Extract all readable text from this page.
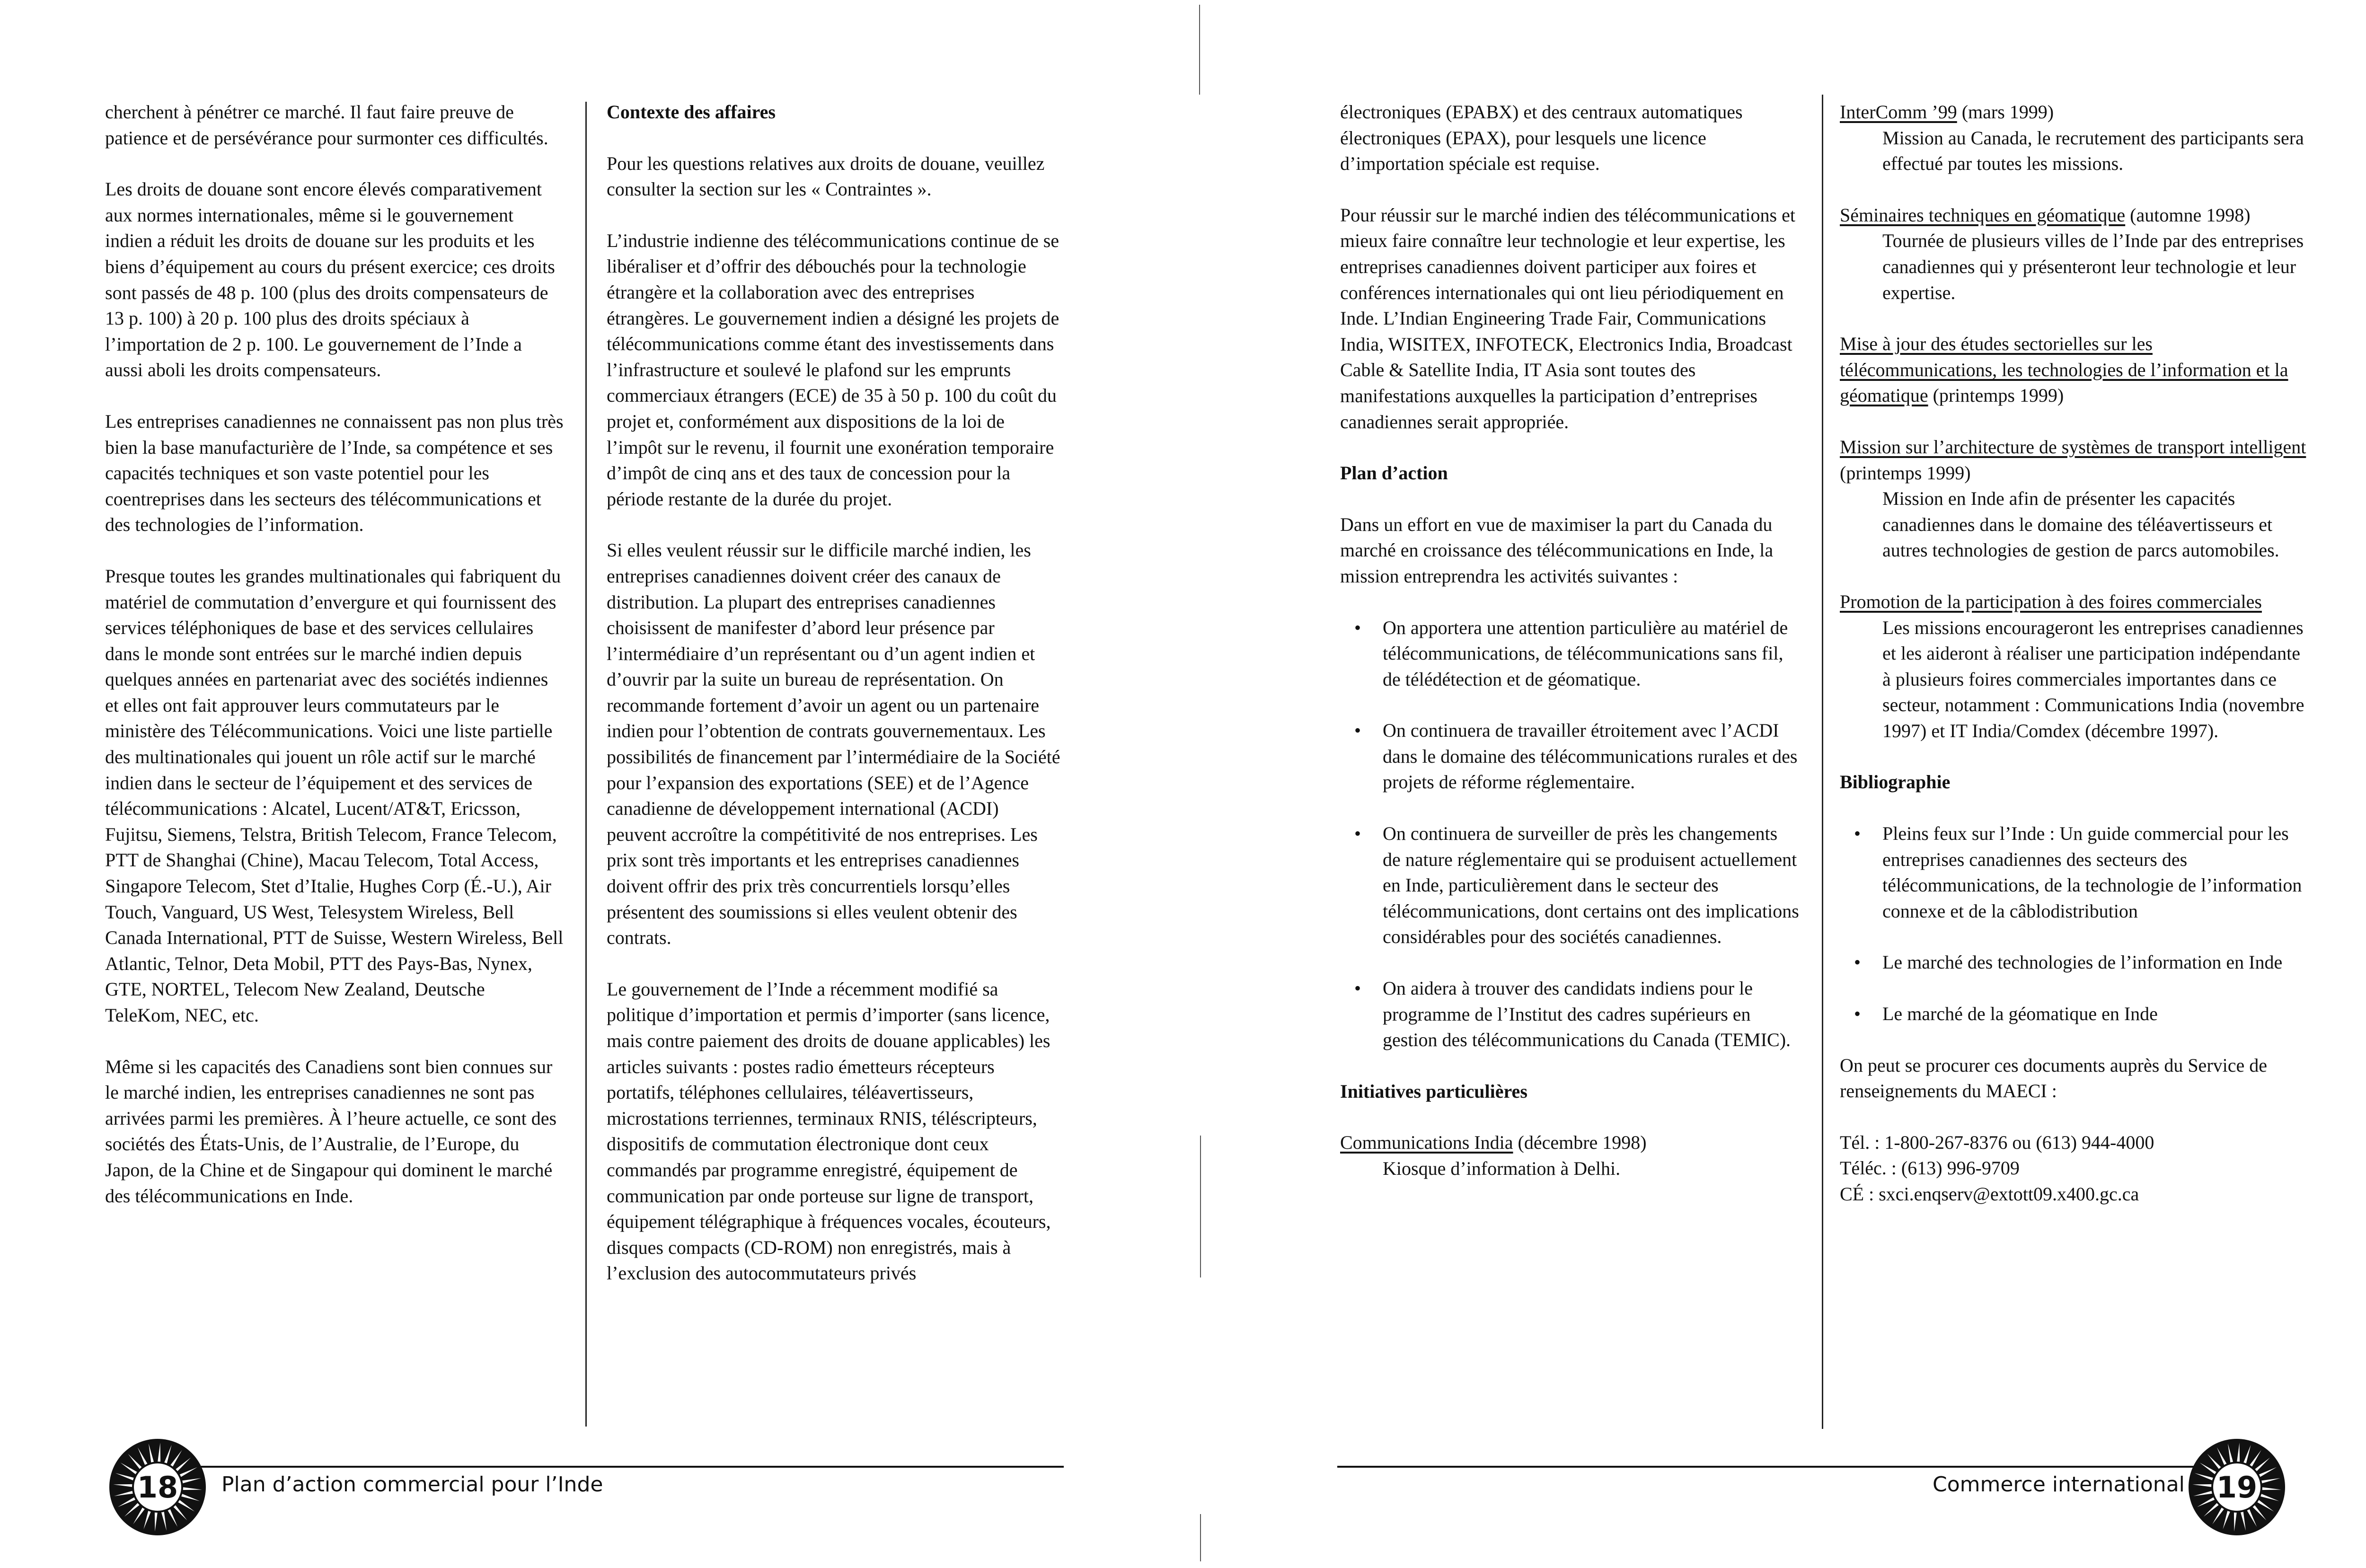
cherchent à pénétrer ce marché. Il faut faire preuve de patience et de persévérance pour surmonter ces difficultés.

Les droits de douane sont encore élevés comparativement aux normes internationales, même si le gouvernement indien a réduit les droits de douane sur les produits et les biens d’équipement au cours du présent exercice; ces droits sont passés de 48 p. 100 (plus des droits compensateurs de 13 p. 100) à 20 p. 100 plus des droits spéciaux à l’importation de 2 p. 100. Le gouvernement de l’Inde a aussi aboli les droits compensateurs.

Les entreprises canadiennes ne connaissent pas non plus très bien la base manufacturière de l’Inde, sa compétence et ses capacités techniques et son vaste potentiel pour les coentreprises dans les secteurs des télécommunications et des technologies de l’information.

Presque toutes les grandes multinationales qui fabriquent du matériel de commutation d’envergure et qui fournissent des services téléphoniques de base et des services cellulaires dans le monde sont entrées sur le marché indien depuis quelques années en partenariat avec des sociétés indiennes et elles ont fait approuver leurs commutateurs par le ministère des Télécommunications. Voici une liste partielle des multinationales qui jouent un rôle actif sur le marché indien dans le secteur de l’équipement et des services de télécommunications : Alcatel, Lucent/AT&T, Ericsson, Fujitsu, Siemens, Telstra, British Telecom, France Telecom, PTT de Shanghai (Chine), Macau Telecom, Total Access, Singapore Telecom, Stet d’Italie, Hughes Corp (É.-U.), Air Touch, Vanguard, US West, Telesystem Wireless, Bell Canada International, PTT de Suisse, Western Wireless, Bell Atlantic, Telnor, Deta Mobil, PTT des Pays-Bas, Nynex, GTE, NORTEL, Telecom New Zealand, Deutsche TeleKom, NEC, etc.

Même si les capacités des Canadiens sont bien connues sur le marché indien, les entreprises canadiennes ne sont pas arrivées parmi les premières. À l’heure actuelle, ce sont des sociétés des États-Unis, de l’Australie, de l’Europe, du Japon, de la Chine et de Singapour qui dominent le marché des télécommunications en Inde.

Contexte des affaires

Pour les questions relatives aux droits de douane, veuillez consulter la section sur les « Contraintes ».

L’industrie indienne des télécommunications continue de se libéraliser et d’offrir des débouchés pour la technologie étrangère et la collaboration avec des entreprises étrangères. Le gouvernement indien a désigné les projets de télécommunications comme étant des investissements dans l’infrastructure et soulevé le plafond sur les emprunts commerciaux étrangers (ECE) de 35 à 50 p. 100 du coût du projet et, conformément aux dispositions de la loi de l’impôt sur le revenu, il fournit une exonération temporaire d’impôt de cinq ans et des taux de concession pour la période restante de la durée du projet.

Si elles veulent réussir sur le difficile marché indien, les entreprises canadiennes doivent créer des canaux de distribution. La plupart des entreprises canadiennes choisissent de manifester d’abord leur présence par l’intermédiaire d’un représentant ou d’un agent indien et d’ouvrir par la suite un bureau de représentation. On recommande fortement d’avoir un agent ou un partenaire indien pour l’obtention de contrats gouvernementaux. Les possibilités de financement par l’intermédiaire de la Société pour l’expansion des exportations (SEE) et de l’Agence canadienne de développement international (ACDI) peuvent accroître la compétitivité de nos entreprises. Les prix sont très importants et les entreprises canadiennes doivent offrir des prix très concurrentiels lorsqu’elles présentent des soumissions si elles veulent obtenir des contrats.

Le gouvernement de l’Inde a récemment modifié sa politique d’importation et permis d’importer (sans licence, mais contre paiement des droits de douane applicables) les articles suivants : postes radio émetteurs récepteurs portatifs, téléphones cellulaires, téléavertisseurs, microstations terriennes, terminaux RNIS, téléscripteurs, dispositifs de commutation électronique dont ceux commandés par programme enregistré, équipement de communication par onde porteuse sur ligne de transport, équipement télégraphique à fréquences vocales, écouteurs, disques compacts (CD-ROM) non enregistrés, mais à l’exclusion des autocommutateurs privés

18	Plan d’action commercial pour l’Inde

électroniques (EPABX) et des centraux automatiques électroniques (EPAX), pour lesquels une licence d’importation spéciale est requise.

Pour réussir sur le marché indien des télécommunications et mieux faire connaître leur technologie et leur expertise, les entreprises canadiennes doivent participer aux foires et conférences internationales qui ont lieu périodiquement en Inde. L’Indian Engineering Trade Fair, Communications India, WISITEX, INFOTECK, Electronics India, Broadcast Cable & Satellite India, IT Asia sont toutes des manifestations auxquelles la participation d’entreprises canadiennes serait appropriée.

Plan d’action

Dans un effort en vue de maximiser la part du Canada du marché en croissance des télécommunications en Inde, la mission entreprendra les activités suivantes :

• On apportera une attention particulière au matériel de télécommunications, de télécommunications sans fil, de télédétection et de géomatique.
• On continuera de travailler étroitement avec l’ACDI dans le domaine des télécommunications rurales et des projets de réforme réglementaire.
• On continuera de surveiller de près les changements de nature réglementaire qui se produisent actuellement en Inde, particulièrement dans le secteur des télécommunications, dont certains ont des implications considérables pour des sociétés canadiennes.
• On aidera à trouver des candidats indiens pour le programme de l’Institut des cadres supérieurs en gestion des télécommunications du Canada (TEMIC).
Initiatives particulières
Communications India (décembre 1998)
Kiosque d’information à Delhi.
InterComm ’99 (mars 1999)
Mission au Canada, le recrutement des participants sera effectué par toutes les missions.
Séminaires techniques en géomatique (automne 1998)
Tournée de plusieurs villes de l’Inde par des entreprises canadiennes qui y présenteront leur technologie et leur expertise.
Mise à jour des études sectorielles sur les télécommunications, les technologies de l’information et la géomatique (printemps 1999)
Mission sur l’architecture de systèmes de transport intelligent (printemps 1999)
Mission en Inde afin de présenter les capacités canadiennes dans le domaine des téléavertisseurs et autres technologies de gestion de parcs automobiles.
Promotion de la participation à des foires commerciales
Les missions encourageront les entreprises canadiennes et les aideront à réaliser une participation indépendante à plusieurs foires commerciales importantes dans ce secteur, notamment : Communications India (novembre 1997) et IT India/Comdex (décembre 1997).
Bibliographie
• Pleins feux sur l’Inde : Un guide commercial pour les entreprises canadiennes des secteurs des télécommunications, de la technologie de l’information connexe et de la câblodistribution
• Le marché des technologies de l’information en Inde
• Le marché de la géomatique en Inde

On peut se procurer ces documents auprès du Service de renseignements du MAECI :

Tél. : 1-800-267-8376 ou (613) 944-4000
Téléc. : (613) 996-9709
CÉ : sxci.enqserv@extott09.x400.gc.ca
Commerce international	19
